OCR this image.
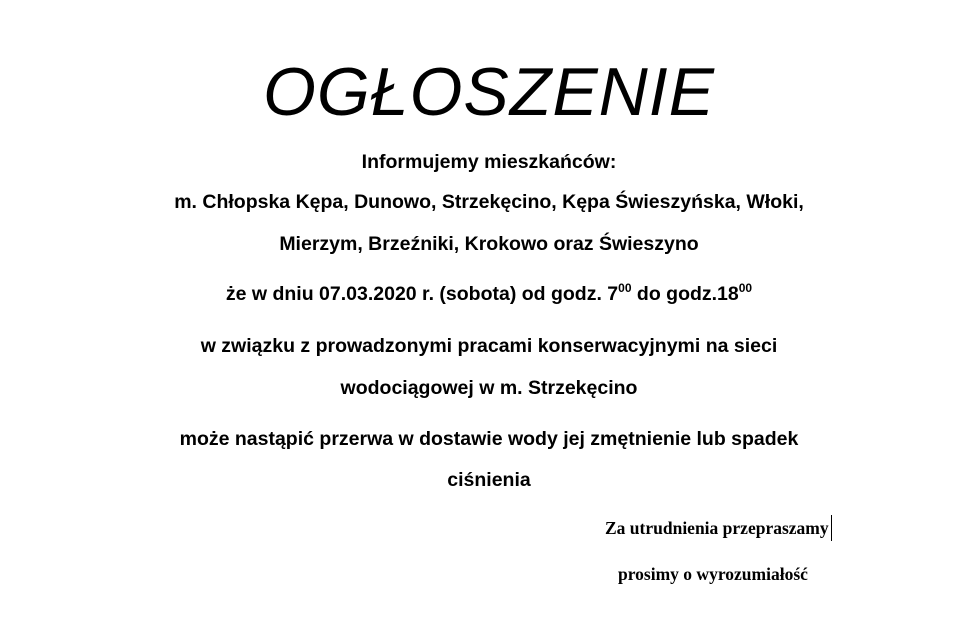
OGŁOSZENIE
Informujemy mieszkańców:
m. Chłopska Kępa, Dunowo, Strzekęcino, Kępa Świeszyńska, Włoki,
Mierzym, Brzeźniki, Krokowo oraz Świeszyno
że w dniu 07.03.2020 r. (sobota) od godz. $7^{00}$ do $godz.18^{00}$
w związku z prowadzonymi pracami konserwacyjnymi na sieci
wodociągowej w m. Strzekęcino
może nastąpić przerwa w dostawie wody jej zmętnienie lub spadek
ciśnienia
Za utrudnienia przepraszamy
prosimy o wyrozumiałość
